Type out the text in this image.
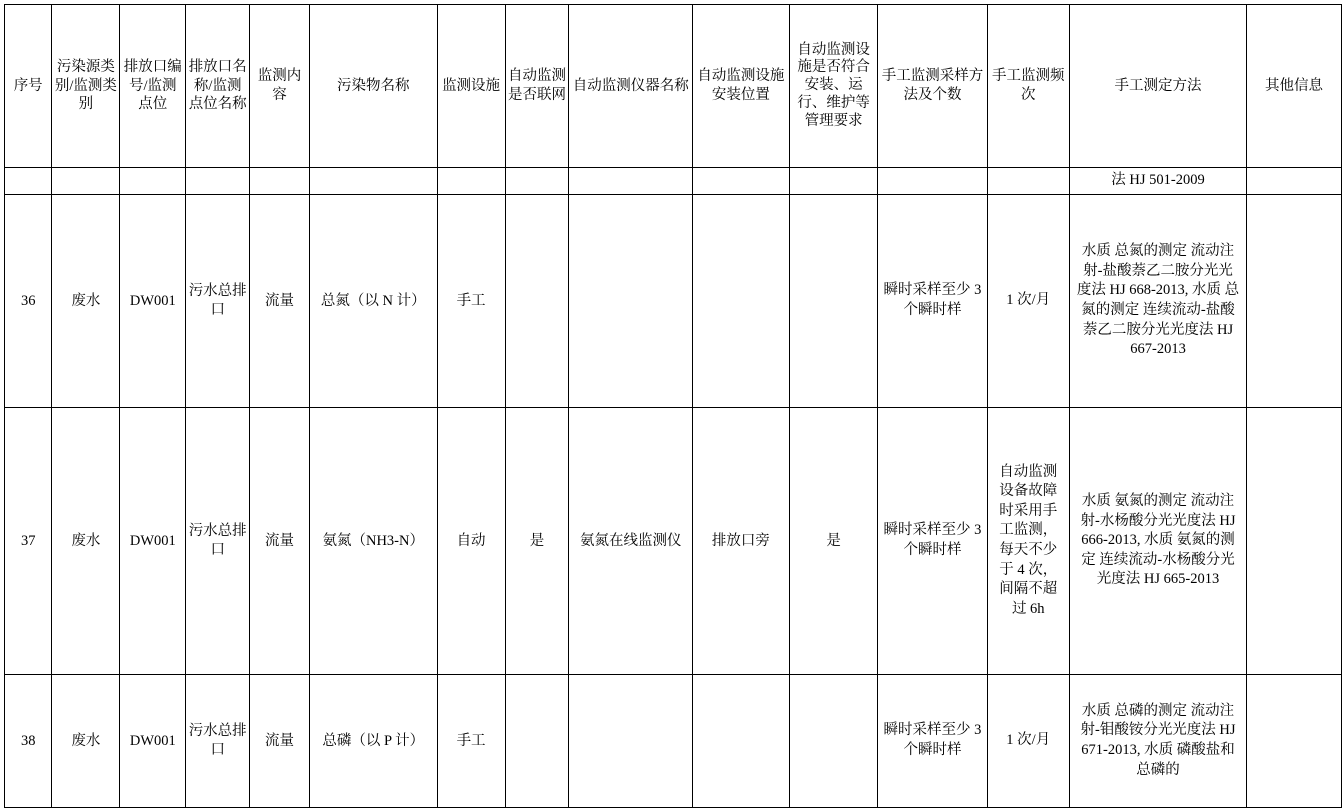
序号	污染源类别/监测类别	排放口编号/监测点位	排放口名称/监测点位名称	监测内容	污染物名称	监测设施	自动监测是否联网	自动监测仪器名称	自动监测设施安装位置	自动监测设施是否符合安装、运行、维护等管理要求	手工监测采样方法及个数	手工监测频次	手工测定方法	其他信息

													法 HJ 501-2009	

36	废水	DW001	污水总排口	流量	总氮（以 N 计）	手工					瞬时采样至少 3 个瞬时样	1 次/月	水质 总氮的测定 流动注射-盐酸萘乙二胺分光光度法 HJ 668-2013, 水质 总氮的测定 连续流动-盐酸萘乙二胺分光光度法 HJ 667-2013	

37	废水	DW001	污水总排口	流量	氨氮（NH3-N）	自动	是	氨氮在线监测仪	排放口旁	是	瞬时采样至少 3 个瞬时样	自动监测设备故障时采用手工监测，每天不少于 4 次，间隔不超过 6h	水质 氨氮的测定 流动注射-水杨酸分光光度法 HJ 666-2013, 水质 氨氮的测定 连续流动-水杨酸分光光度法 HJ 665-2013	

38	废水	DW001	污水总排口	流量	总磷（以 P 计）	手工					瞬时采样至少 3 个瞬时样	1 次/月	水质 总磷的测定 流动注射-钼酸铵分光光度法 HJ 671-2013, 水质 磷酸盐和总磷的	
